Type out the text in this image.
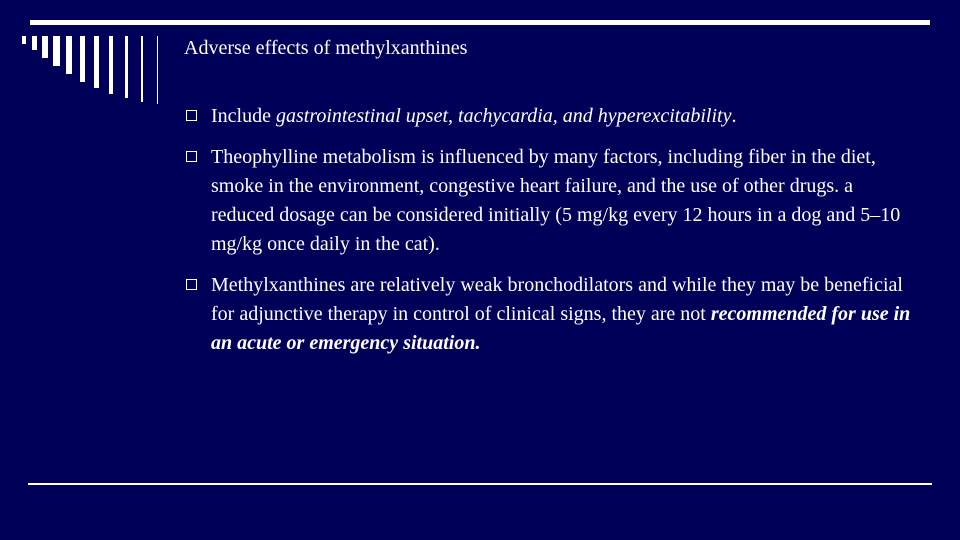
Adverse effects of methylxanthines
Include gastrointestinal upset, tachycardia, and hyperexcitability.
Theophylline metabolism is influenced by many factors, including fiber in the diet, smoke in the environment, congestive heart failure, and the use of other drugs. a reduced dosage can be considered initially (5 mg/kg every 12 hours in a dog and 5–10 mg/kg once daily in the cat).
Methylxanthines are relatively weak bronchodilators and while they may be beneficial for adjunctive therapy in control of clinical signs, they are not recommended for use in an acute or emergency situation.
